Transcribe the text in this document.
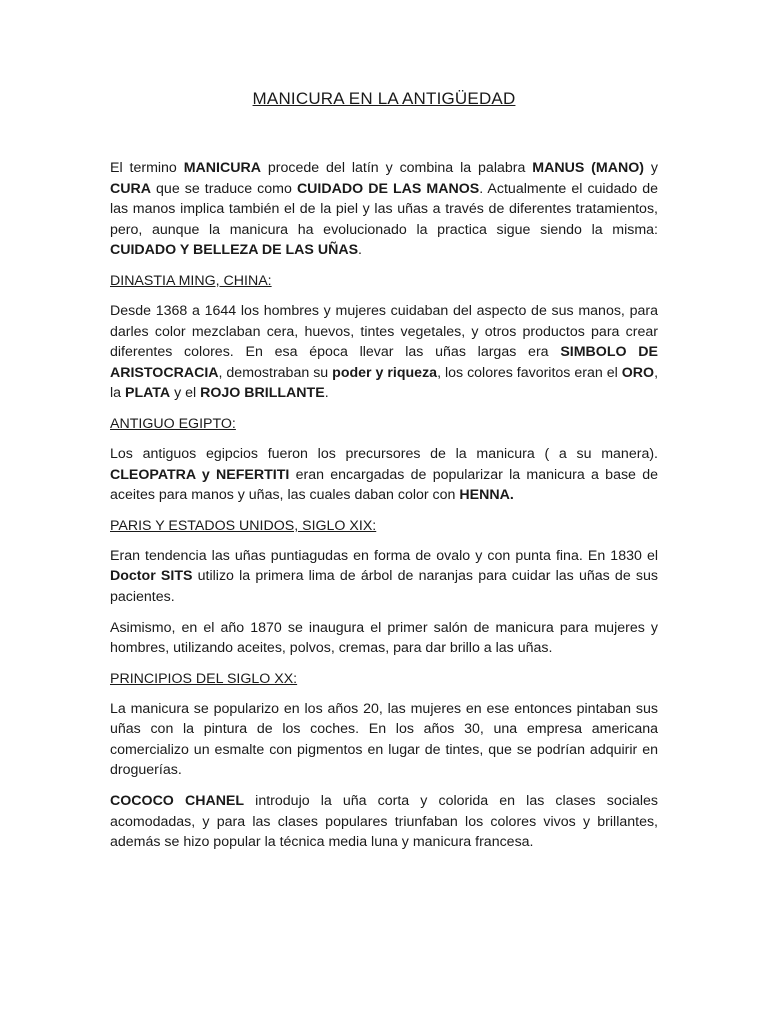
MANICURA EN LA ANTIGÜEDAD

El termino MANICURA procede del latín y combina la palabra MANUS (MANO) y CURA que se traduce como CUIDADO DE LAS MANOS. Actualmente el cuidado de las manos implica también el de la piel y las uñas a través de diferentes tratamientos, pero, aunque la manicura ha evolucionado la practica sigue siendo la misma: CUIDADO Y BELLEZA DE LAS UÑAS.

DINASTIA MING, CHINA:

Desde 1368 a 1644 los hombres y mujeres cuidaban del aspecto de sus manos, para darles color mezclaban cera, huevos, tintes vegetales, y otros productos para crear diferentes colores. En esa época llevar las uñas largas era SIMBOLO DE ARISTOCRACIA, demostraban su poder y riqueza, los colores favoritos eran el ORO, la PLATA y el ROJO BRILLANTE.

ANTIGUO EGIPTO:

Los antiguos egipcios fueron los precursores de la manicura ( a su manera). CLEOPATRA y NEFERTITI eran encargadas de popularizar la manicura a base de aceites para manos y uñas, las cuales daban color con HENNA.

PARIS Y ESTADOS UNIDOS, SIGLO XIX:

Eran tendencia las uñas puntiagudas en forma de ovalo y con punta fina. En 1830 el Doctor SITS utilizo la primera lima de árbol de naranjas para cuidar las uñas de sus pacientes.

Asimismo, en el año 1870 se inaugura el primer salón de manicura para mujeres y hombres, utilizando aceites, polvos, cremas, para dar brillo a las uñas.

PRINCIPIOS DEL SIGLO XX:

La manicura se popularizo en los años 20, las mujeres en ese entonces pintaban sus uñas con la pintura de los coches. En los años 30, una empresa americana comercializo un esmalte con pigmentos en lugar de tintes, que se podrían adquirir en droguerías.

COCOCO CHANEL introdujo la uña corta y colorida en las clases sociales acomodadas, y para las clases populares triunfaban los colores vivos y brillantes, además se hizo popular la técnica media luna y manicura francesa.
